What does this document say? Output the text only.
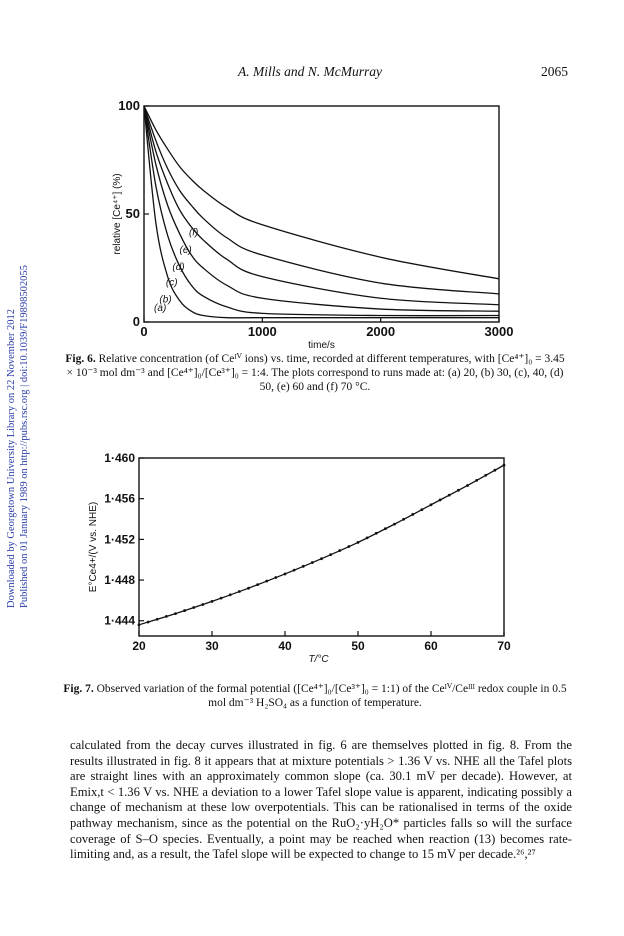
A. Mills and N. McMurray	2065
Downloaded by Georgetown University Library on 22 November 2012 Published on 01 January 1989 on http://pubs.rsc.org | doi:10.1039/F19898502055	0	1000	2000	3000
0
50
100
(a)
(b)
(c)
(d)
(e)
(f)
time/s
relative [Ce⁴⁺] (%)
Fig. 6. Relative concentration (of Ceᴵⱽ ions) vs. time, recorded at different temperatures, with [Ce⁴⁺]₀ = 3.45 × 10⁻³ mol dm⁻³ and [Ce⁴⁺]₀/[Ce³⁺]₀ = 1:4. The plots correspond to runs made at: (a) 20, (b) 30, (c), 40, (d) 50, (e) 60 and (f) 70 °C.
20	30	40	50	60	70
1·444
1·448
1·452
1·456
1·460
T/°C
E°Ce4+/(V vs. NHE)
Fig. 7. Observed variation of the formal potential ([Ce⁴⁺]₀/[Ce³⁺]₀ = 1:1) of the Ceᴵⱽ/Ceᴵᴵᴵ redox couple in 0.5 mol dm⁻³ H₂SO₄ as a function of temperature.

calculated from the decay curves illustrated in fig. 6 are themselves plotted in fig. 8. From the results illustrated in fig. 8 it appears that at mixture potentials > 1.36 V vs. NHE all the Tafel plots are straight lines with an approximately common slope (ca. 30.1 mV per decade). However, at Emix,t < 1.36 V vs. NHE a deviation to a lower Tafel slope value is apparent, indicating possibly a change of mechanism at these low overpotentials. This can be rationalised in terms of the oxide pathway mechanism, since as the potential on the RuO₂·yH₂O* particles falls so will the surface coverage of S–O species. Eventually, a point may be reached when reaction (13) becomes rate-limiting and, as a result, the Tafel slope will be expected to change to 15 mV per decade.²⁶,²⁷
